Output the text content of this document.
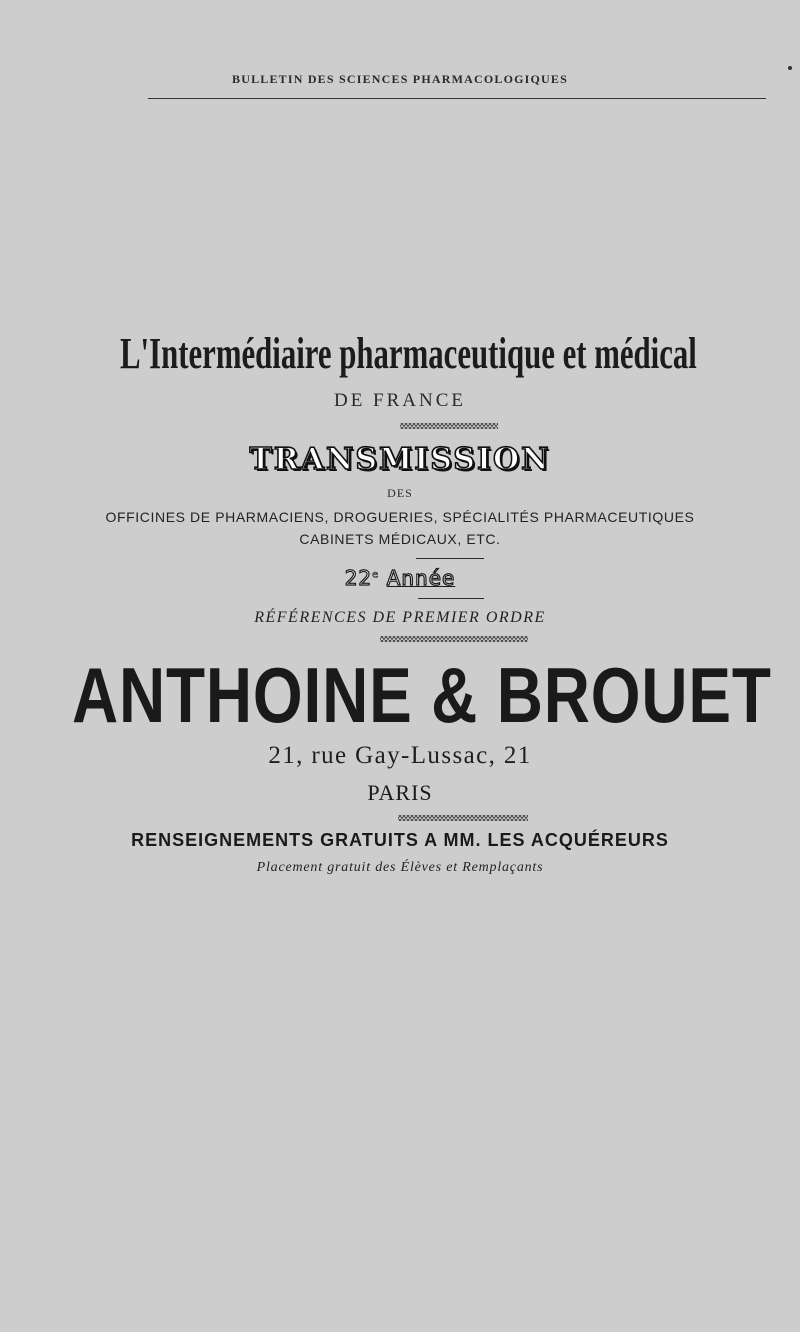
BULLETIN DES SCIENCES PHARMACOLOGIQUES
L'Intermédiaire pharmaceutique et médical
DE FRANCE
TRANSMISSION
DES
OFFICINES DE PHARMACIENS, DROGUERIES, SPÉCIALITÉS PHARMACEUTIQUES
CABINETS MÉDICAUX, ETC.
22e Année
RÉFÉRENCES DE PREMIER ORDRE
ANTHOINE & BROUET
21, rue Gay-Lussac, 21
PARIS
RENSEIGNEMENTS GRATUITS A MM. LES ACQUÉREURS
Placement gratuit des Élèves et Remplaçants
